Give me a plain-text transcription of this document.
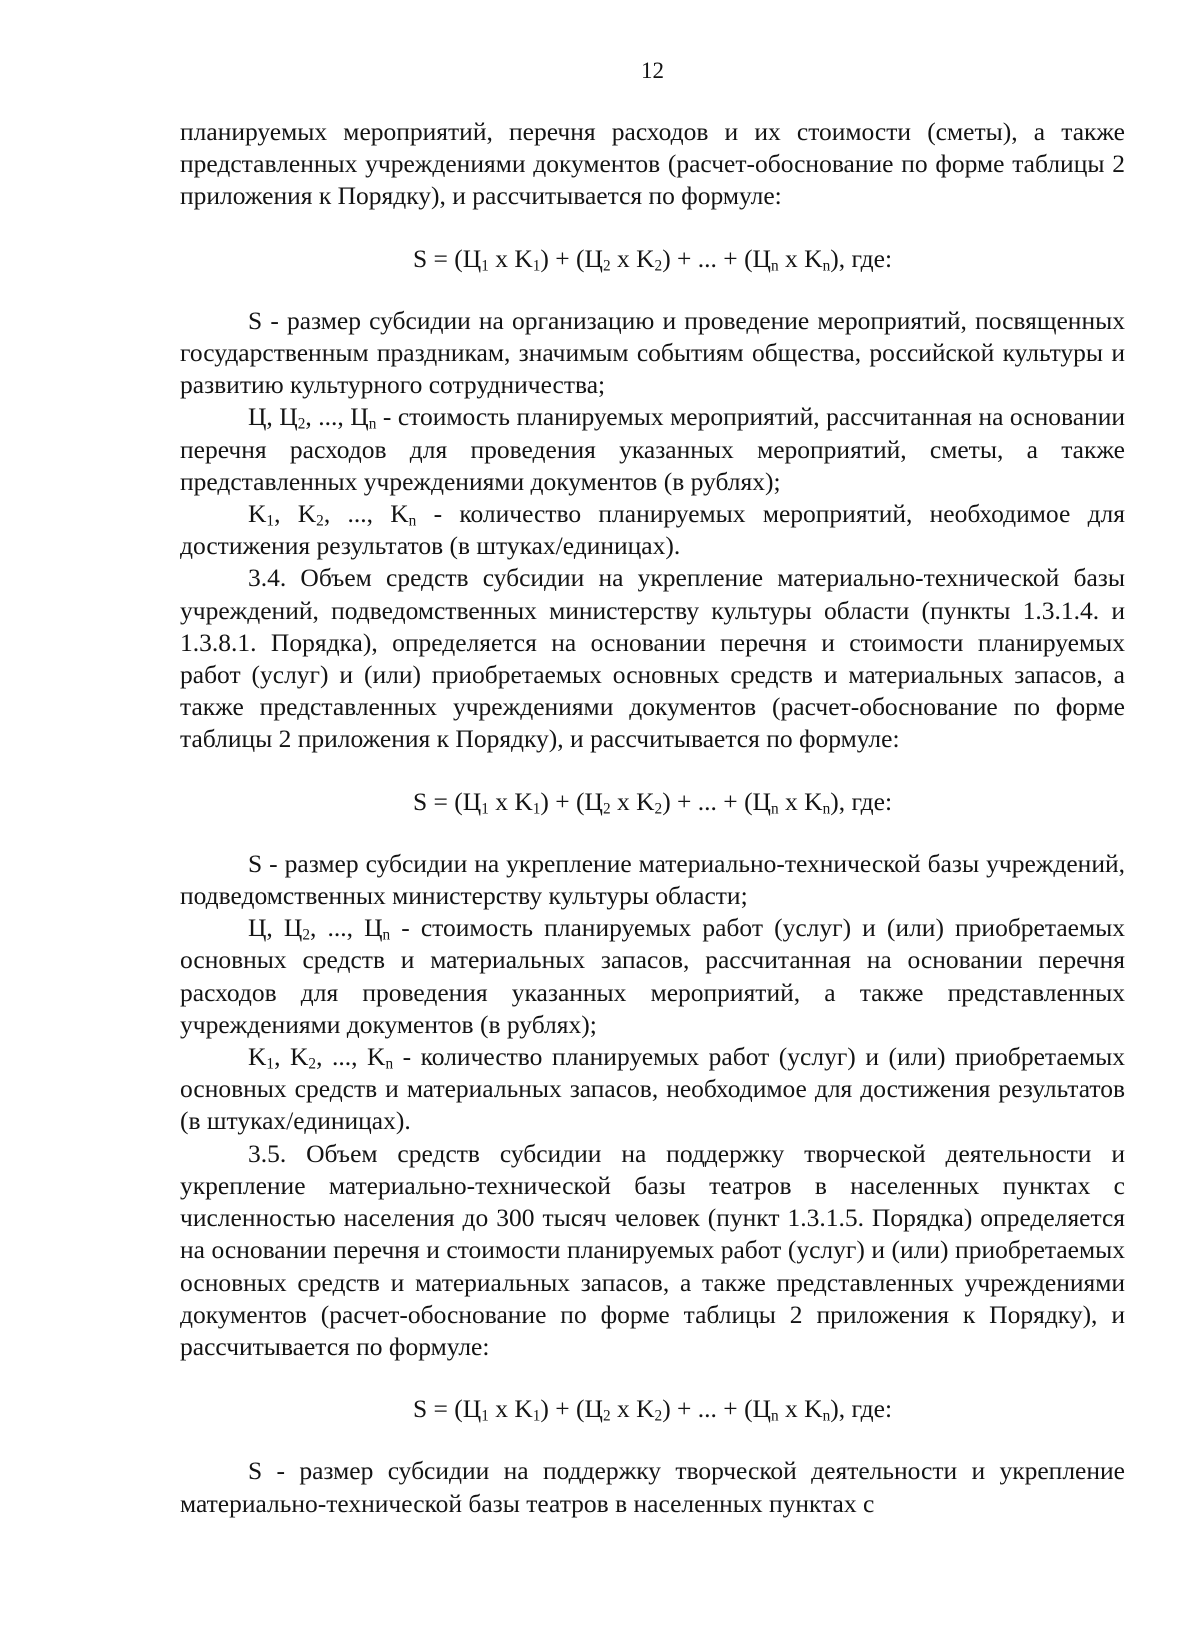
12

планируемых мероприятий, перечня расходов и их стоимости (сметы), а также представленных учреждениями документов (расчет-обоснование по форме таблицы 2 приложения к Порядку), и рассчитывается по формуле:

$S = (Ц_1$ x $K_1) + (Ц_2$ x $K_2$) + ... + ($Ц_n$ x $K_n$), где:

S - размер субсидии на организацию и проведение мероприятий, посвященных государственным праздникам, значимым событиям общества, российской культуры и развитию культурного сотрудничества;

Ц, $Ц_2$, ..., $Ц_n$ - стоимость планируемых мероприятий, рассчитанная на основании перечня расходов для проведения указанных мероприятий, сметы, а также представленных учреждениями документов (в рублях);

$K_1$, $K_2$, ..., $K_n$ - количество планируемых мероприятий, необходимое для достижения результатов (в штуках/единицах).

3.4. Объем средств субсидии на укрепление материально-технической базы учреждений, подведомственных министерству культуры области (пункты 1.3.1.4. и 1.3.8.1. Порядка), определяется на основании перечня и стоимости планируемых работ (услуг) и (или) приобретаемых основных средств и материальных запасов, а также представленных учреждениями документов (расчет-обоснование по форме таблицы 2 приложения к Порядку), и рассчитывается по формуле:

$S = (Ц_1$ x $K_1) + (Ц_2$ x $K_2$) + ... + ($Ц_n$ x $K_n$), где:

S - размер субсидии на укрепление материально-технической базы учреждений, подведомственных министерству культуры области;

Ц, $Ц_2$, ..., $Ц_n$ - стоимость планируемых работ (услуг) и (или) приобретаемых основных средств и материальных запасов, рассчитанная на основании перечня расходов для проведения указанных мероприятий, а также представленных учреждениями документов (в рублях);

$K_1$, $K_2$, ..., $K_n$ - количество планируемых работ (услуг) и (или) приобретаемых основных средств и материальных запасов, необходимое для достижения результатов (в штуках/единицах).

3.5. Объем средств субсидии на поддержку творческой деятельности и укрепление материально-технической базы театров в населенных пунктах с численностью населения до 300 тысяч человек (пункт 1.3.1.5. Порядка) определяется на основании перечня и стоимости планируемых работ (услуг) и (или) приобретаемых основных средств и материальных запасов, а также представленных учреждениями документов (расчет-обоснование по форме таблицы 2 приложения к Порядку), и рассчитывается по формуле:

$S = (Ц_1$ x $K_1) + (Ц_2$ x $K_2$) + ... + ($Ц_n$ x $K_n$), где:

S - размер субсидии на поддержку творческой деятельности и укрепление материально-технической базы театров в населенных пунктах с
